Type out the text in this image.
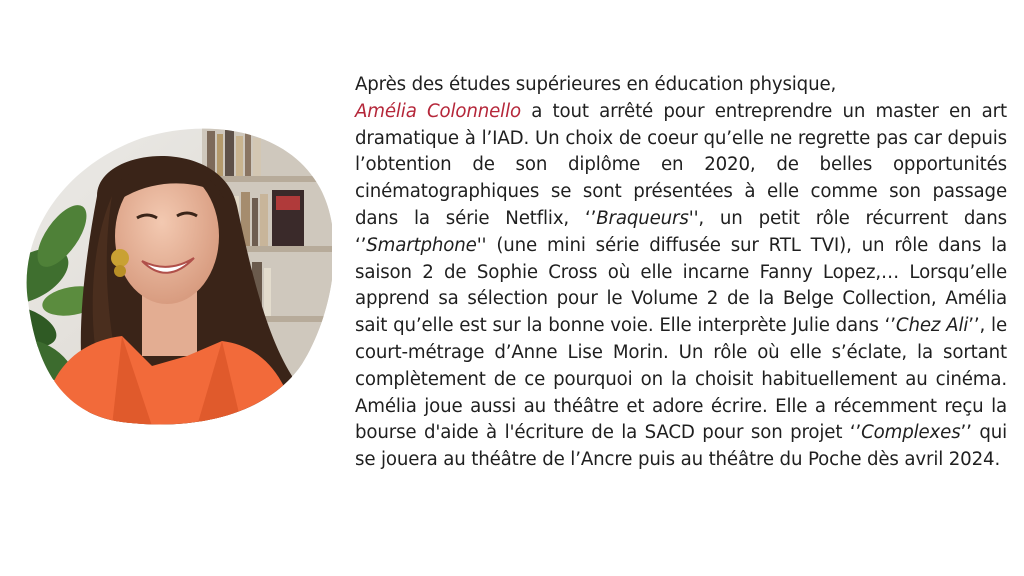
Après des études supérieures en éducation physique,

Amélia Colonnello a tout arrêté pour entreprendre un master en art dramatique à l’IAD. Un choix de coeur qu’elle ne regrette pas car depuis l’obtention de son diplôme en 2020, de belles opportunités cinématographiques se sont présentées à elle comme son passage dans la série Netflix, ‘’Braqueurs'', un petit rôle récurrent dans ‘’Smartphone'' (une mini série diffusée sur RTL TVI), un rôle dans la saison 2 de Sophie Cross où elle incarne Fanny Lopez,… Lorsqu’elle apprend sa sélection pour le Volume 2 de la Belge Collection, Amélia sait qu’elle est sur la bonne voie. Elle interprète Julie dans ‘’Chez Ali’’, le court-métrage d’Anne Lise Morin. Un rôle où elle s’éclate, la sortant complètement de ce pourquoi on la choisit habituellement au cinéma. Amélia joue aussi au théâtre et adore écrire. Elle a récemment reçu la bourse d'aide à l'écriture de la SACD pour son projet ‘’Complexes’’ qui se jouera au théâtre de l’Ancre puis au théâtre du Poche dès avril 2024.
